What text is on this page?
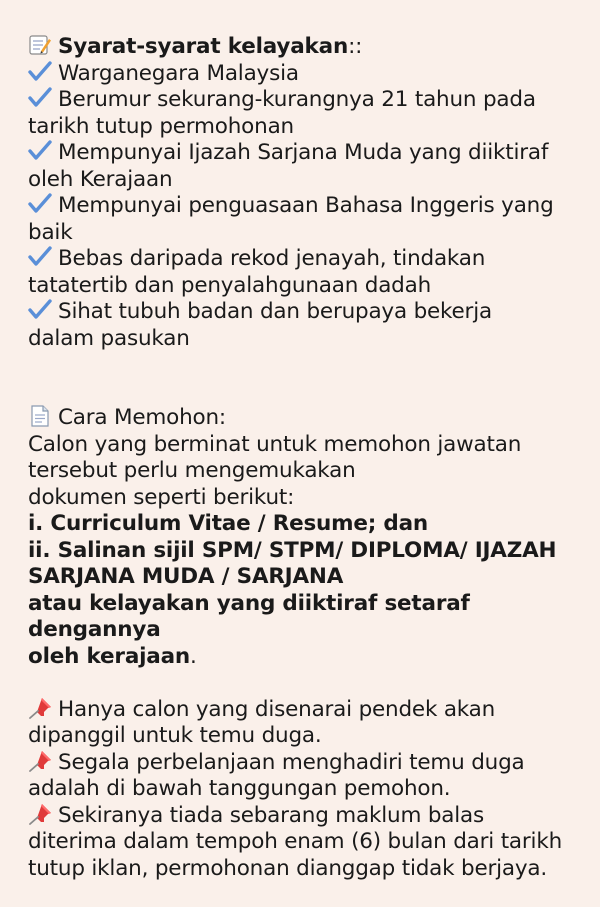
Syarat-syarat kelayakan::
Warganegara Malaysia
Berumur sekurang-kurangnya 21 tahun pada
tarikh tutup permohonan
Mempunyai Ijazah Sarjana Muda yang diiktiraf
oleh Kerajaan
Mempunyai penguasaan Bahasa Inggeris yang
baik
Bebas daripada rekod jenayah, tindakan
tatatertib dan penyalahgunaan dadah
Sihat tubuh badan dan berupaya bekerja
dalam pasukan
Cara Memohon:
Calon yang berminat untuk memohon jawatan
tersebut perlu mengemukakan
dokumen seperti berikut:
i. Curriculum Vitae / Resume; dan
ii. Salinan sijil SPM/ STPM/ DIPLOMA/ IJAZAH
SARJANA MUDA / SARJANA
atau kelayakan yang diiktiraf setaraf dengannya
oleh kerajaan.
Hanya calon yang disenarai pendek akan
dipanggil untuk temu duga.
Segala perbelanjaan menghadiri temu duga
adalah di bawah tanggungan pemohon.
Sekiranya tiada sebarang maklum balas
diterima dalam tempoh enam (6) bulan dari tarikh
tutup iklan, permohonan dianggap tidak berjaya.
